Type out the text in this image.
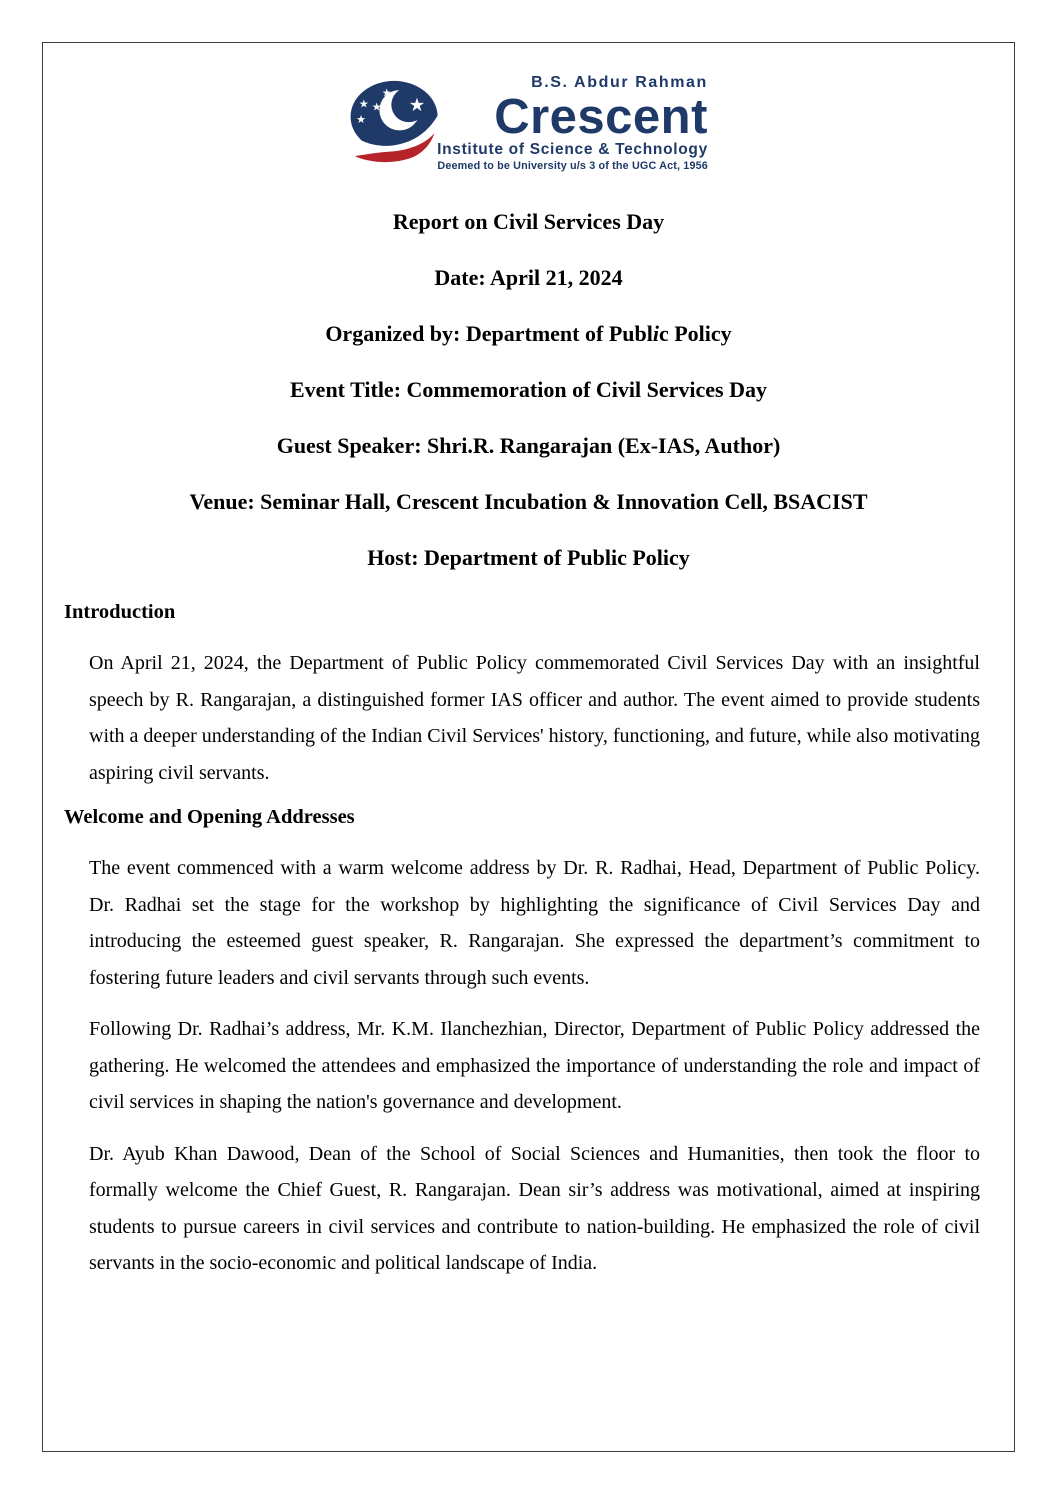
★
★ ★
★
★
B.S. Abdur Rahman
Crescent
Institute of Science & Technology
Deemed to be University u/s 3 of the UGC Act, 1956
Report on Civil Services Day
Date: April 21, 2024
Organized by: Department of Public Policy
Event Title: Commemoration of Civil Services Day
Guest Speaker: Shri.R. Rangarajan (Ex-IAS, Author)
Venue: Seminar Hall, Crescent Incubation & Innovation Cell, BSACIST
Host: Department of Public Policy
Introduction

On April 21, 2024, the Department of Public Policy commemorated Civil Services Day with an insightful speech by R. Rangarajan, a distinguished former IAS officer and author. The event aimed to provide students with a deeper understanding of the Indian Civil Services' history, functioning, and future, while also motivating aspiring civil servants.

Welcome and Opening Addresses

The event commenced with a warm welcome address by Dr. R. Radhai, Head, Department of Public Policy. Dr. Radhai set the stage for the workshop by highlighting the significance of Civil Services Day and introducing the esteemed guest speaker, R. Rangarajan. She expressed the department’s commitment to fostering future leaders and civil servants through such events.

Following Dr. Radhai’s address, Mr. K.M. Ilanchezhian, Director, Department of Public Policy addressed the gathering. He welcomed the attendees and emphasized the importance of understanding the role and impact of civil services in shaping the nation's governance and development.

Dr. Ayub Khan Dawood, Dean of the School of Social Sciences and Humanities, then took the floor to formally welcome the Chief Guest, R. Rangarajan. Dean sir’s address was motivational, aimed at inspiring students to pursue careers in civil services and contribute to nation-building. He emphasized the role of civil servants in the socio-economic and political landscape of India.
